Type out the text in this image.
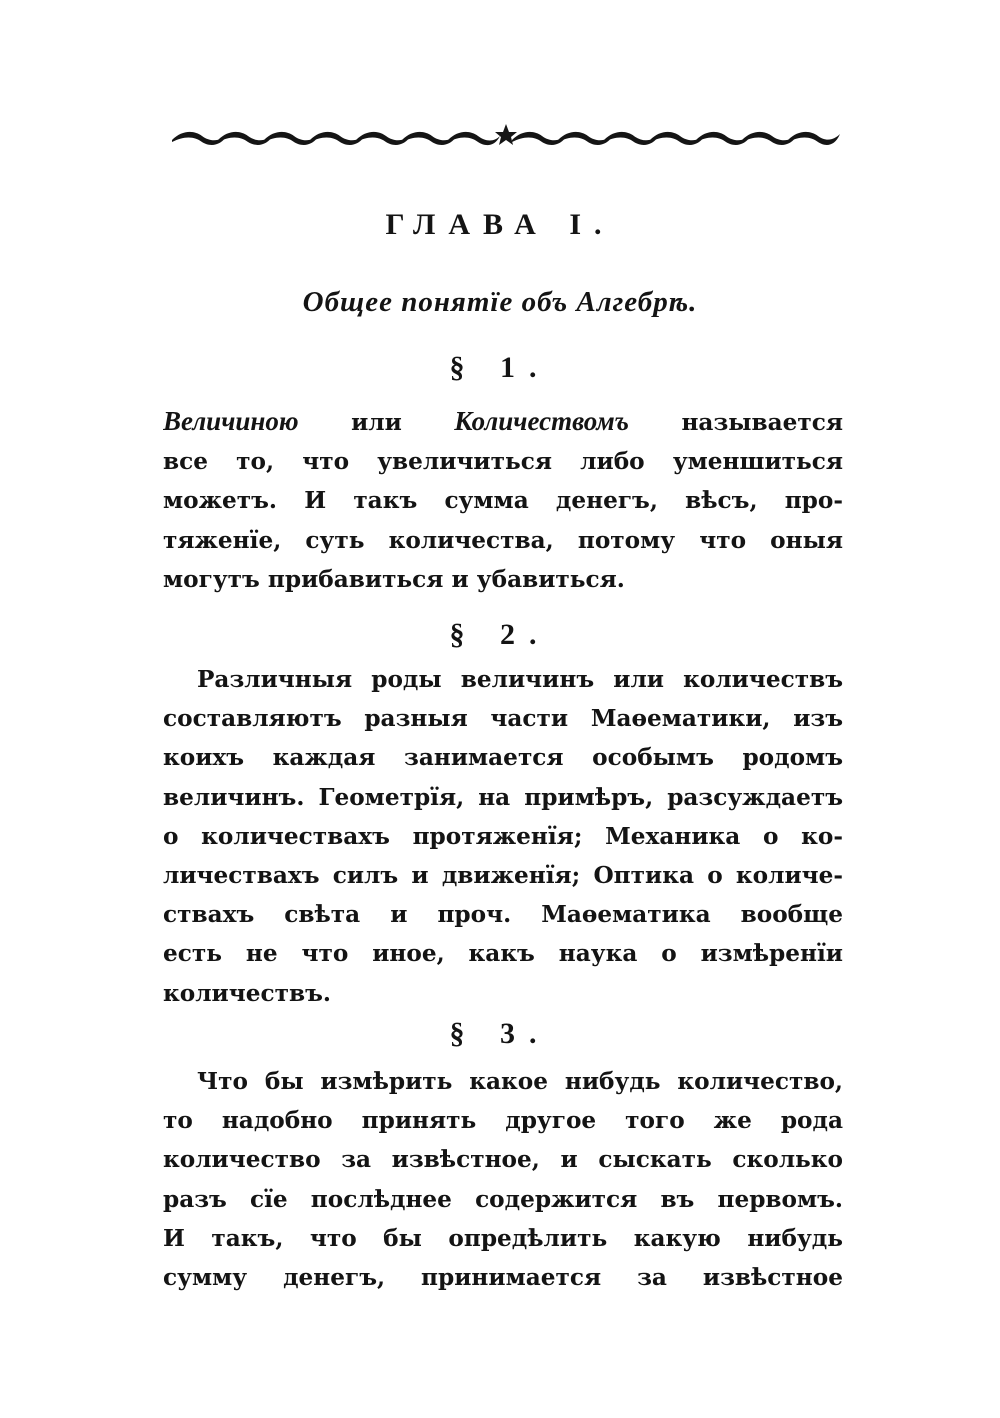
ГЛАВА I.
Общее понятїе объ Алгебрѣ.
§ 1.
Величиною или Количествомъ называется
все то, что увеличиться либо уменшиться
можетъ. И такъ сумма денегъ, вѣсъ, про-
тяженїе, суть количества, потому что оныя
могутъ прибавиться и убавиться.
§ 2.
Различныя роды величинъ или количествъ
составляютъ разныя части Маөематики, изъ
коихъ каждая занимается особымъ родомъ
величинъ. Геометрїя, на примѣръ, разсуждаетъ
о количествахъ протяженїя; Механика о ко-
личествахъ силъ и движенїя; Оптика о количе-
ствахъ свѣта и проч. Маөематика вообще
есть не что иное, какъ наука о измѣренїи
количествъ.
§ 3.
Что бы измѣрить какое нибудь количество,
то надобно принять другое того же рода
количество за извѣстное, и сыскать сколько
разъ сїе послѣднее содержится въ первомъ.
И такъ, что бы опредѣлить какую нибудь
сумму денегъ, принимается за извѣстное
